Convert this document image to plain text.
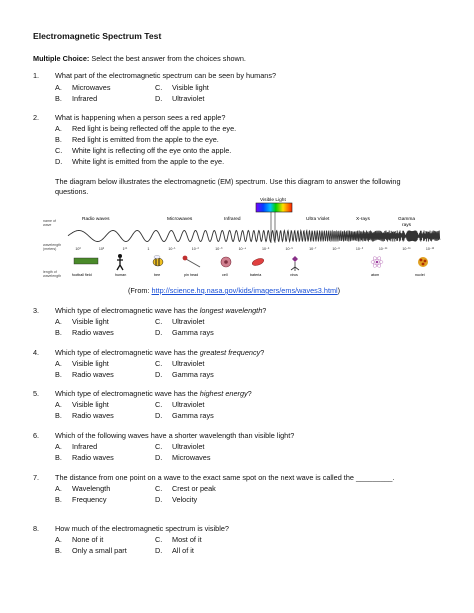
Electromagnetic Spectrum Test
Multiple Choice: Select the best answer from the choices shown.
1. What part of the electromagnetic spectrum can be seen by humans?
A. Microwaves	C. Visible light
B. Infrared	D. Ultraviolet
2. What is happening when a person sees a red apple?
A. Red light is being reflected off the apple to the eye.
B. Red light is emitted from the apple to the eye.
C. White light is reflecting off the eye onto the apple.
D. White light is emitted from the apple to the eye.
The diagram below illustrates the electromagnetic (EM) spectrum. Use this diagram to answer the following
questions.
name of wave
wavelength (meters)
length of wavelength
Radio waves	Microwaves	Infrared
Visible Light
Ultra Violet	X-rays	Gamma
rays
10³	10²	1⁰¹	1	10⁻¹	10⁻²	10⁻³	10⁻⁴	10⁻⁵	10⁻⁶	10⁻⁷	10⁻⁸	10⁻⁹	10⁻¹⁰	10⁻¹¹	10⁻¹²
football field	human	bee	pin head	cell	bateria	virus	atom	nuclei
(From: http://science.hq.nasa.gov/kids/imagers/ems/waves3.html)
3. Which type of electromagnetic wave has the longest wavelength?
A. Visible light	C. Ultraviolet
B. Radio waves	D. Gamma rays
4. Which type of electromagnetic wave has the greatest frequency?
A. Visible light	C. Ultraviolet
B. Radio waves	D. Gamma rays
5. Which type of electromagnetic wave has the highest energy?
A. Visible light	C. Ultraviolet
B. Radio waves	D. Gamma rays
6. Which of the following waves have a shorter wavelength than visible light?
A. Infrared	C. Ultraviolet
B. Radio waves	D. Microwaves
7. The distance from one point on a wave to the exact same spot on the next wave is called the _________.
A. Wavelength	C. Crest or peak
B. Frequency	D. Velocity
8. How much of the electromagnetic spectrum is visible?
A. None of it	C. Most of it
B. Only a small part	D. All of it
